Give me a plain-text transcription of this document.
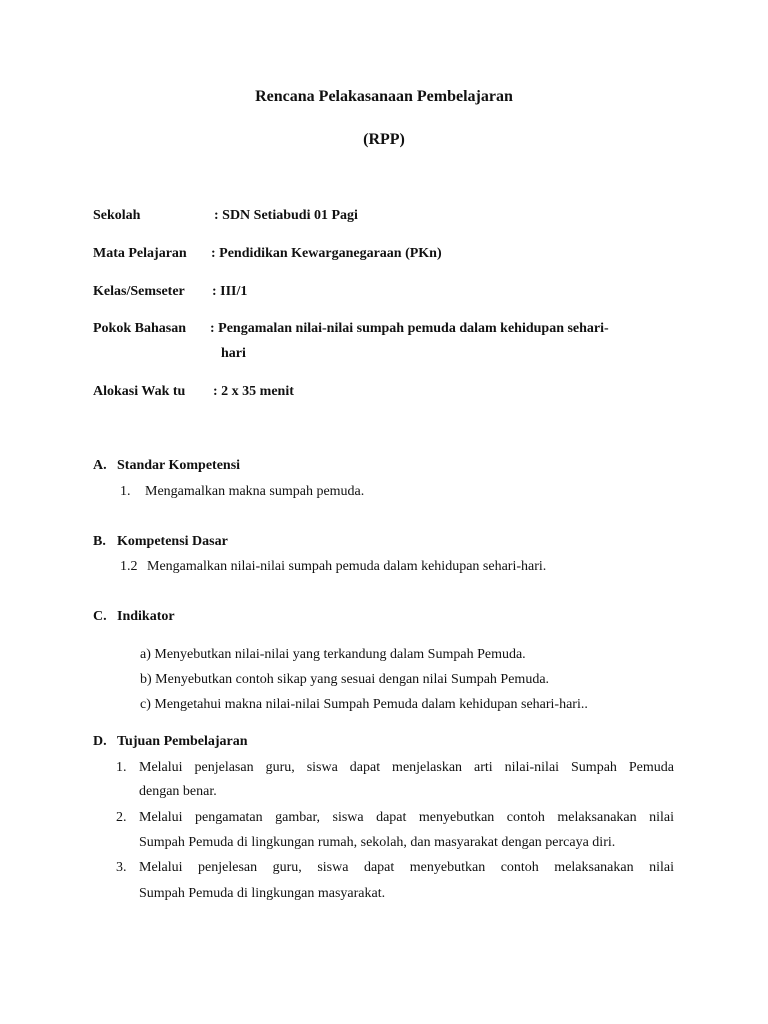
Rencana Pelakasanaan Pembelajaran
(RPP)
Sekolah	: SDN Setiabudi 01 Pagi
Mata Pelajaran : Pendidikan Kewarganegaraan (PKn)
Kelas/Semseter : III/1
Pokok Bahasan : Pengamalan nilai-nilai sumpah pemuda dalam kehidupan sehari-
hari
Alokasi Wak tu : 2 x 35 menit
A. Standar Kompetensi
1. Mengamalkan makna sumpah pemuda.
B. Kompetensi Dasar
1.2 Mengamalkan nilai-nilai sumpah pemuda dalam kehidupan sehari-hari.
C. Indikator
a) Menyebutkan nilai-nilai yang terkandung dalam Sumpah Pemuda.
b) Menyebutkan contoh sikap yang sesuai dengan nilai Sumpah Pemuda.
c) Mengetahui makna nilai-nilai Sumpah Pemuda dalam kehidupan sehari-hari..
D. Tujuan Pembelajaran
1. Melalui penjelasan guru, siswa dapat menjelaskan arti nilai-nilai Sumpah Pemuda
dengan benar.
2. Melalui pengamatan gambar, siswa dapat menyebutkan contoh melaksanakan nilai
Sumpah Pemuda di lingkungan rumah, sekolah, dan masyarakat dengan percaya diri.
3. Melalui penjelesan guru, siswa dapat menyebutkan contoh melaksanakan nilai
Sumpah Pemuda di lingkungan masyarakat.
